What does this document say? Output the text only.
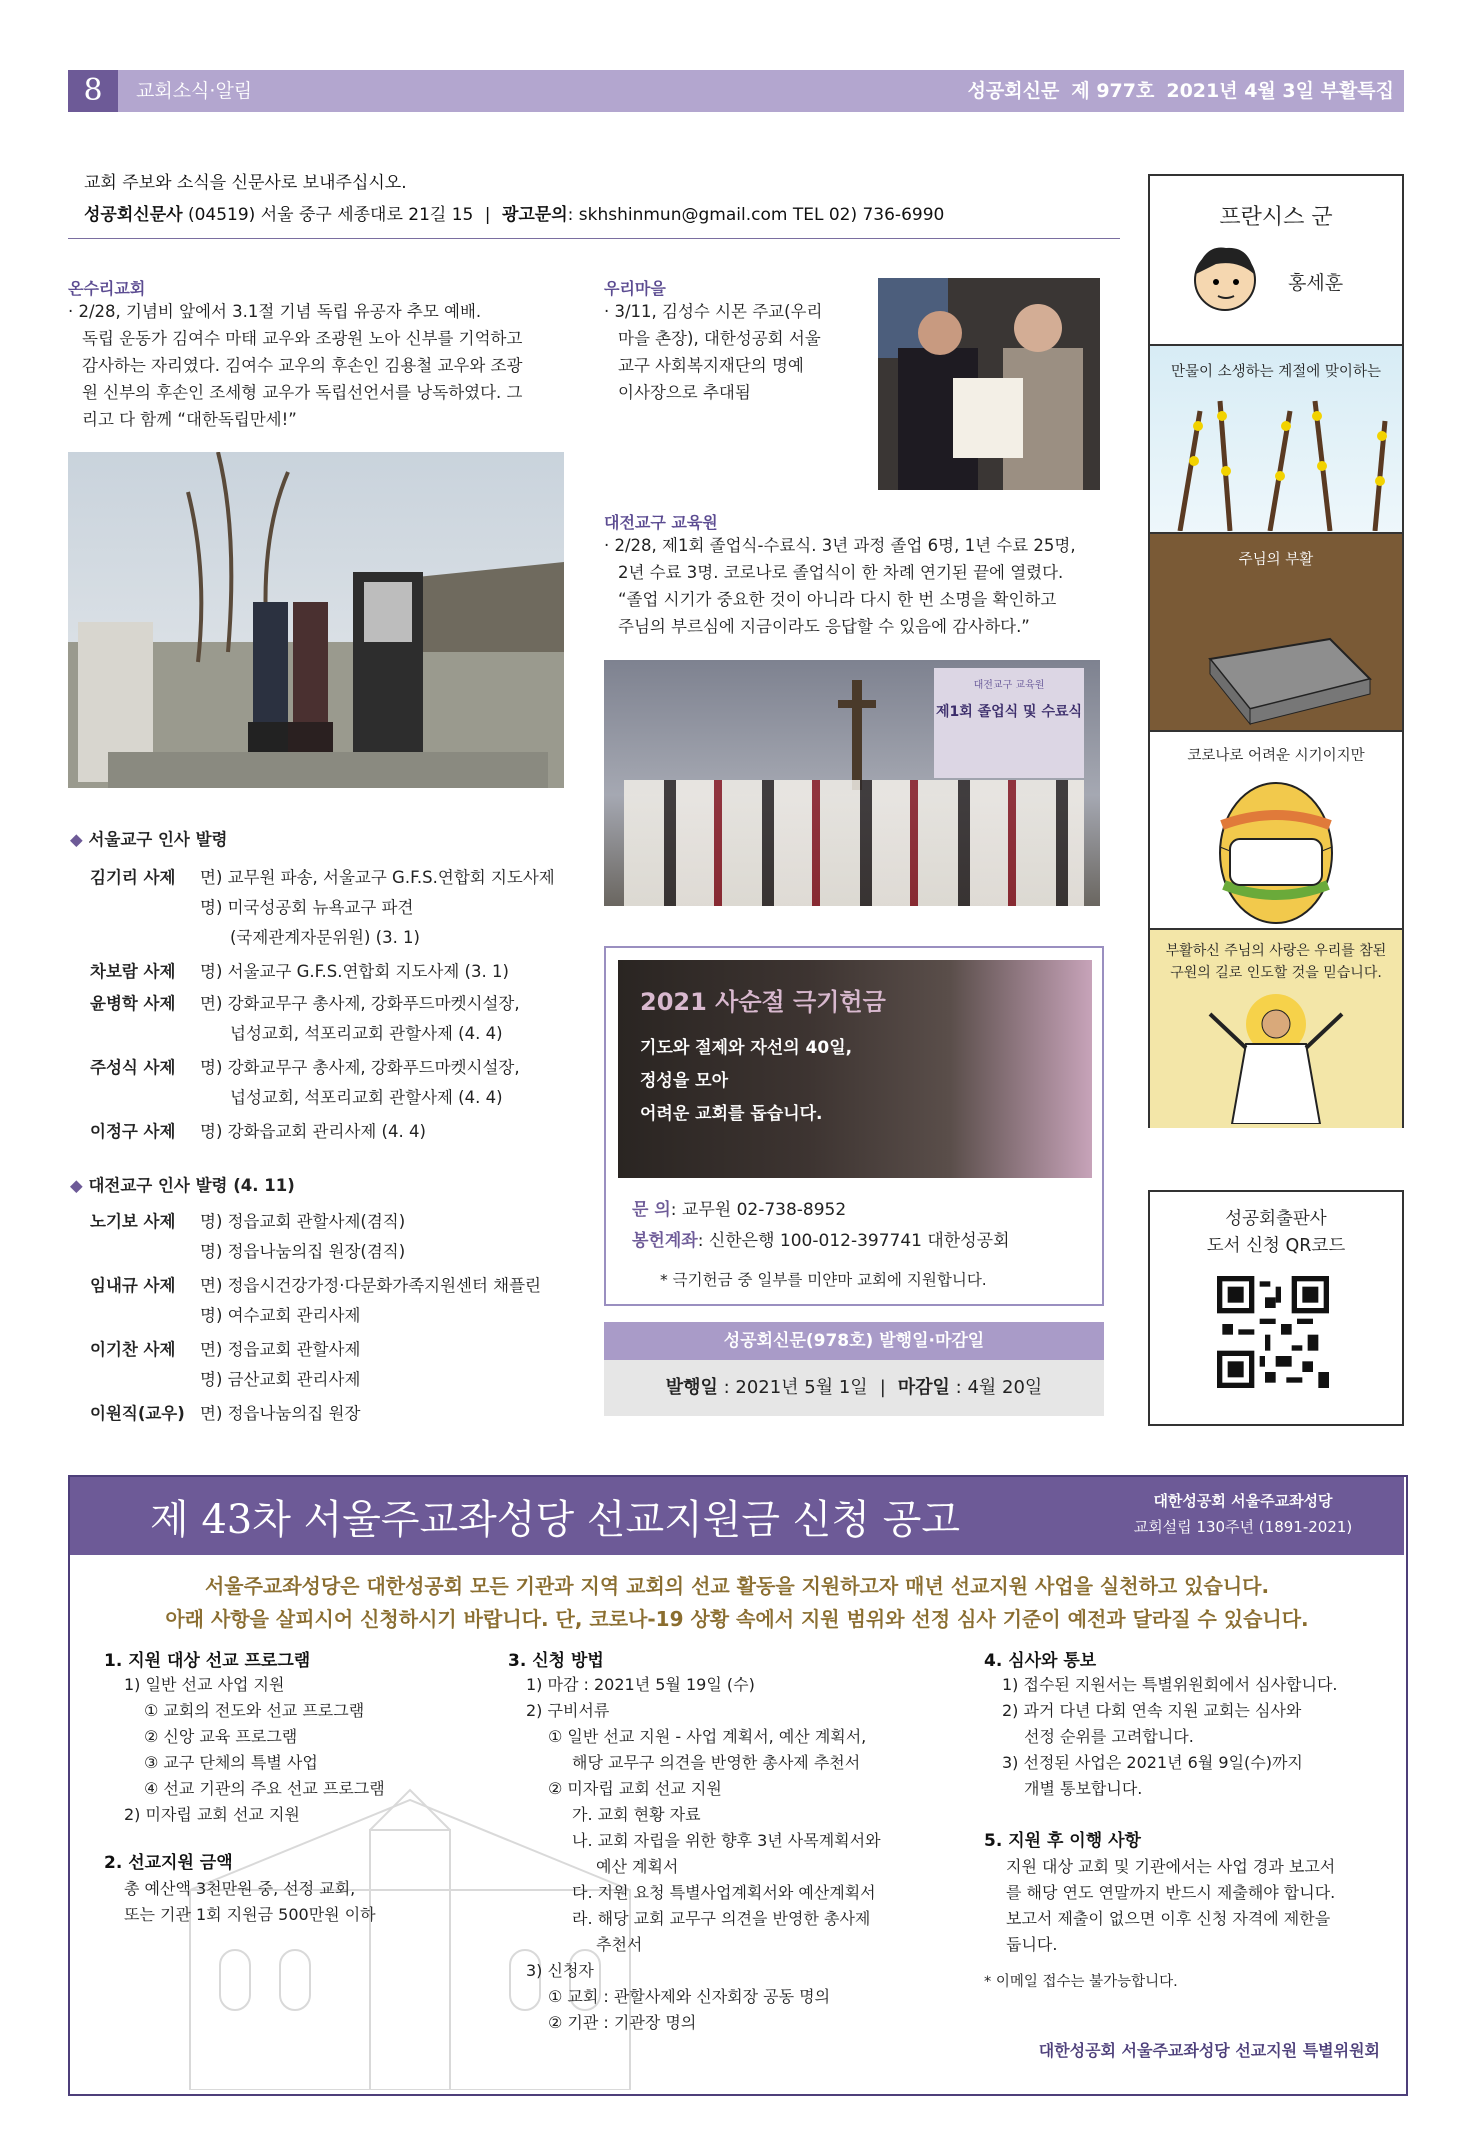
8	교회소식·알림	성공회신문 제 977호 2021년 4월 3일 부활특집
교회 주보와 소식을 신문사로 보내주십시오.
성공회신문사 (04519) 서울 중구 세종대로 21길 15 | 광고문의: skhshinmun@gmail.com TEL 02) 736-6990
온수리교회
· 2/28, 기념비 앞에서 3.1절 기념 독립 유공자 추모 예배.
독립 운동가 김여수 마태 교우와 조광원 노아 신부를 기억하고
감사하는 자리였다. 김여수 교우의 후손인 김용철 교우와 조광
원 신부의 후손인 조세형 교우가 독립선언서를 낭독하였다. 그
리고 다 함께 “대한독립만세!”
우리마을
· 3/11, 김성수 시몬 주교(우리
마을 촌장), 대한성공회 서울
교구 사회복지재단의 명예
이사장으로 추대됨
대전교구 교육원
· 2/28, 제1회 졸업식-수료식. 3년 과정 졸업 6명, 1년 수료 25명,
2년 수료 3명. 코로나로 졸업식이 한 차례 연기된 끝에 열렸다.
“졸업 시기가 중요한 것이 아니라 다시 한 번 소명을 확인하고
주님의 부르심에 지금이라도 응답할 수 있음에 감사하다.”
대전교구 교육원
제1회 졸업식 및 수료식
◆ 서울교구 인사 발령
김기리 사제 면) 교무원 파송, 서울교구 G.F.S.연합회 지도사제
명) 미국성공회 뉴욕교구 파견
(국제관계자문위원) (3. 1)
차보람 사제 명) 서울교구 G.F.S.연합회 지도사제 (3. 1)
윤병학 사제 면) 강화교무구 총사제, 강화푸드마켓시설장,
넙성교회, 석포리교회 관할사제 (4. 4)
주성식 사제 명) 강화교무구 총사제, 강화푸드마켓시설장,
넙성교회, 석포리교회 관할사제 (4. 4)
이정구 사제 명) 강화읍교회 관리사제 (4. 4)
◆ 대전교구 인사 발령 (4. 11)
노기보 사제 명) 정읍교회 관할사제(겸직)
명) 정읍나눔의집 원장(겸직)
임내규 사제 면) 정읍시건강가정·다문화가족지원센터 채플린
명) 여수교회 관리사제
이기찬 사제 면) 정읍교회 관할사제
명) 금산교회 관리사제
이원직(교우) 면) 정읍나눔의집 원장
2021 사순절 극기헌금
기도와 절제와 자선의 40일,
정성을 모아
어려운 교회를 돕습니다.
문 의: 교무원 02-738-8952
봉헌계좌: 신한은행 100-012-397741 대한성공회
* 극기헌금 중 일부를 미얀마 교회에 지원합니다.
성공회신문(978호) 발행일·마감일
발행일 : 2021년 5월 1일 | 마감일 : 4월 20일
프란시스 군
홍세훈
만물이 소생하는 계절에 맞이하는
주님의 부활
코로나로 어려운 시기이지만
부활하신 주님의 사랑은 우리를 참된
구원의 길로 인도할 것을 믿습니다.
성공회출판사
도서 신청 QR코드
제 43차 서울주교좌성당 선교지원금 신청 공고	대한성공회 서울주교좌성당
교회설립 130주년 (1891-2021)
서울주교좌성당은 대한성공회 모든 기관과 지역 교회의 선교 활동을 지원하고자 매년 선교지원 사업을 실천하고 있습니다.
아래 사항을 살피시어 신청하시기 바랍니다. 단, 코로나-19 상황 속에서 지원 범위와 선정 심사 기준이 예전과 달라질 수 있습니다.
1. 지원 대상 선교 프로그램
1) 일반 선교 사업 지원
① 교회의 전도와 선교 프로그램
② 신앙 교육 프로그램
③ 교구 단체의 특별 사업
④ 선교 기관의 주요 선교 프로그램
2) 미자립 교회 선교 지원
2. 선교지원 금액
총 예산액 3천만원 중, 선정 교회,
또는 기관 1회 지원금 500만원 이하
3. 신청 방법
1) 마감 : 2021년 5월 19일 (수)
2) 구비서류
① 일반 선교 지원 - 사업 계획서, 예산 계획서,
해당 교무구 의견을 반영한 총사제 추천서
② 미자립 교회 선교 지원
가. 교회 현황 자료
나. 교회 자립을 위한 향후 3년 사목계획서와
예산 계획서
다. 지원 요청 특별사업계획서와 예산계획서
라. 해당 교회 교무구 의견을 반영한 총사제
추천서
3) 신청자
① 교회 : 관할사제와 신자회장 공동 명의
② 기관 : 기관장 명의
4. 심사와 통보
1) 접수된 지원서는 특별위원회에서 심사합니다.
2) 과거 다년 다회 연속 지원 교회는 심사와
선정 순위를 고려합니다.
3) 선정된 사업은 2021년 6월 9일(수)까지
개별 통보합니다.
5. 지원 후 이행 사항
지원 대상 교회 및 기관에서는 사업 경과 보고서
를 해당 연도 연말까지 반드시 제출해야 합니다.
보고서 제출이 없으면 이후 신청 자격에 제한을
둡니다.
* 이메일 접수는 불가능합니다.
대한성공회 서울주교좌성당 선교지원 특별위원회
